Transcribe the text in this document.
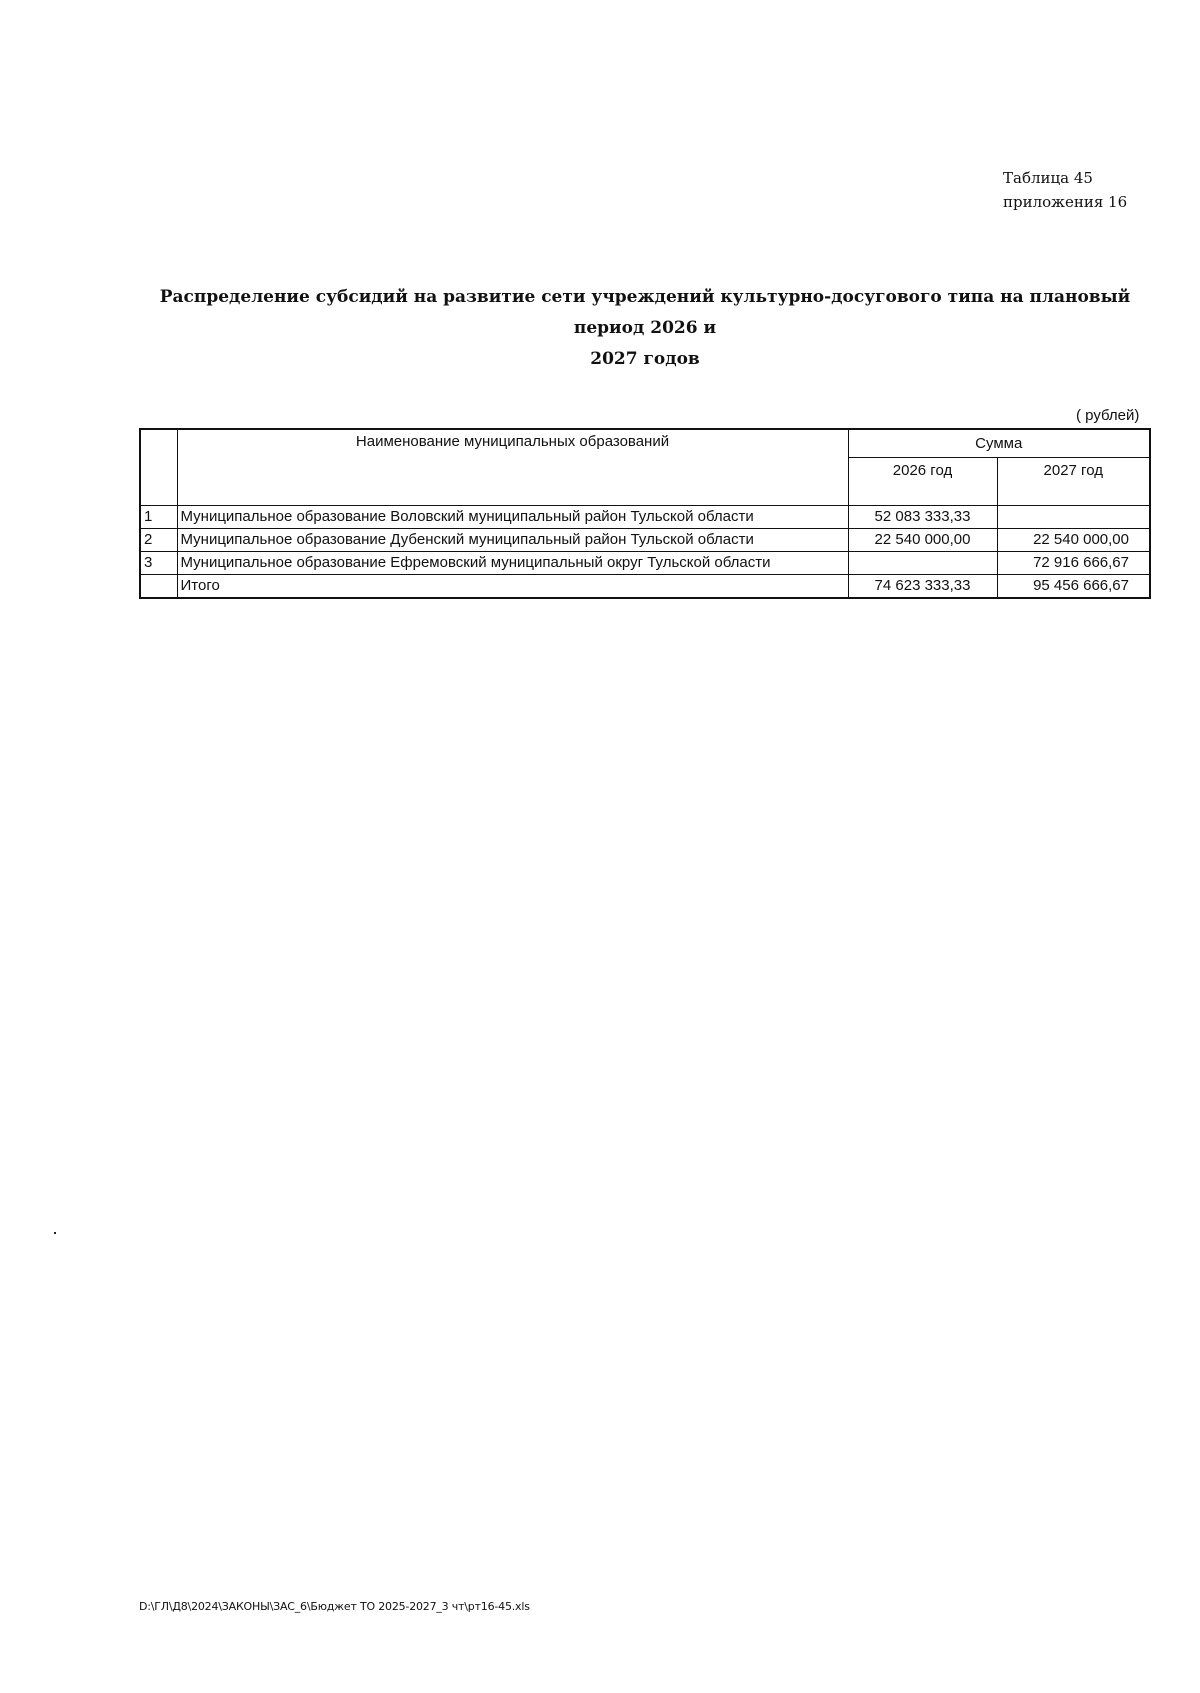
Таблица 45
приложения 16
Распределение субсидий на развитие сети учреждений культурно-досугового типа на плановый период 2026 и
2027 годов
( рублей)
	Наименование муниципальных образований	Сумма	
		2026 год	2027 год
1	Муниципальное образование Воловский муниципальный район Тульской области	52 083 333,33	
2	Муниципальное образование Дубенский муниципальный район Тульской области	22 540 000,00	22 540 000,00
3	Муниципальное образование Ефремовский муниципальный округ Тульской области		72 916 666,67
	Итого	74 623 333,33	95 456 666,67
D:\ГЛ\Д8\2024\ЗАКОНЫ\ЗАС_6\Бюджет ТО 2025-2027_3 чт\рт16-45.xls
